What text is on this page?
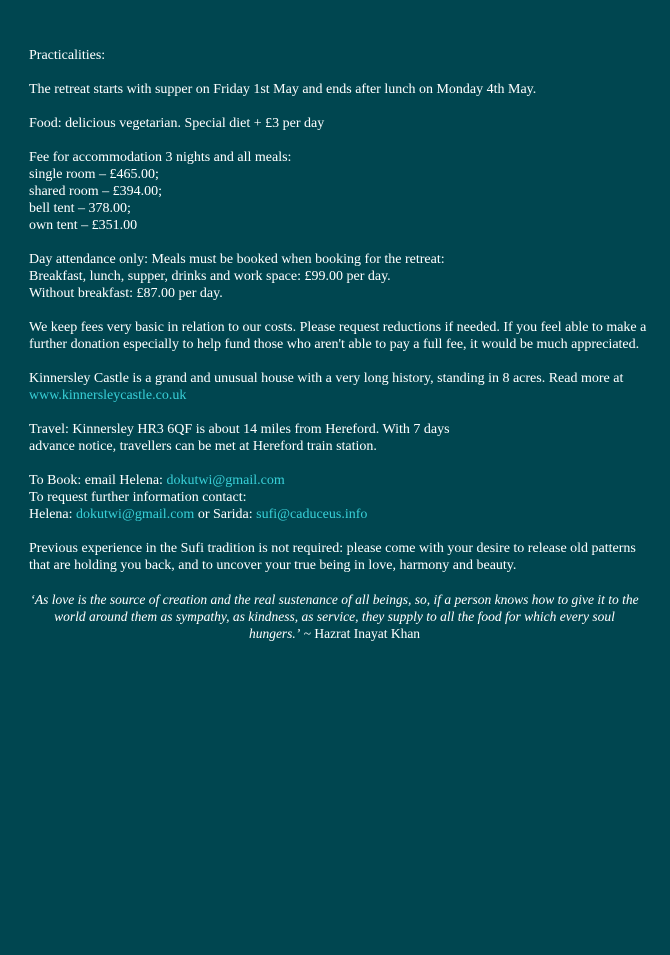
Practicalities:

The retreat starts with supper on Friday 1st May and ends after lunch on Monday 4th May.

Food: delicious vegetarian. Special diet + £3 per day

Fee for accommodation 3 nights and all meals:
single room – £465.00;
shared room – £394.00;
bell tent – 378.00;
own tent – £351.00

Day attendance only: Meals must be booked when booking for the retreat:
Breakfast, lunch, supper, drinks and work space: £99.00 per day.
Without breakfast: £87.00 per day.

We keep fees very basic in relation to our costs. Please request reductions if needed. If you feel able to make a further donation especially to help fund those who aren't able to pay a full fee, it would be much appreciated.

Kinnersley Castle is a grand and unusual house with a very long history, standing in 8 acres. Read more at www.kinnersleycastle.co.uk

Travel: Kinnersley HR3 6QF is about 14 miles from Hereford. With 7 days
advance notice, travellers can be met at Hereford train station.

To Book: email Helena: dokutwi@gmail.com
To request further information contact:
Helena: dokutwi@gmail.com or Sarida: sufi@caduceus.info

Previous experience in the Sufi tradition is not required: please come with your desire to release old patterns that are holding you back, and to uncover your true being in love, harmony and beauty.

‘As love is the source of creation and the real sustenance of all beings, so, if a person knows how to give it to the world around them as sympathy, as kindness, as service, they supply to all the food for which every soul hungers.’ ~ Hazrat Inayat Khan
